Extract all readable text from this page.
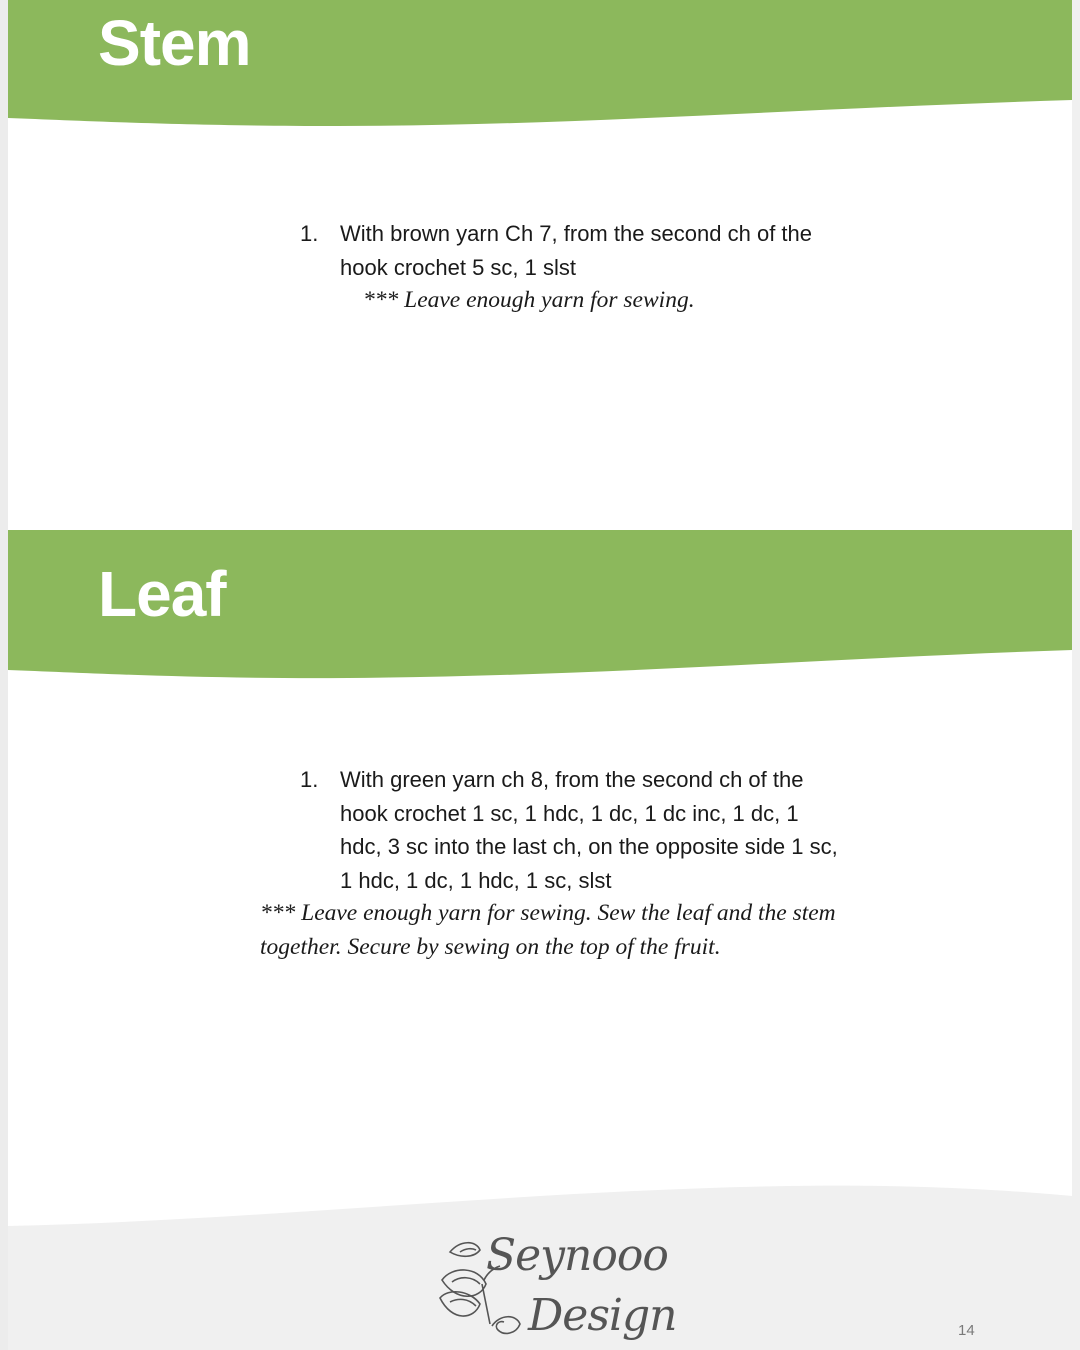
Stem
1. With brown yarn Ch 7, from the second ch of the hook crochet 5 sc, 1 slst
*** Leave enough yarn for sewing.
Leaf
1. With green yarn ch 8, from the second ch of the hook crochet 1 sc, 1 hdc, 1 dc, 1 dc inc, 1 dc, 1 hdc, 3 sc into the last ch, on the opposite side 1 sc, 1 hdc, 1 dc, 1 hdc, 1 sc, slst
*** Leave enough yarn for sewing. Sew the leaf and the stem together. Secure by sewing on the top of the fruit.
Seynooo
Design	14
